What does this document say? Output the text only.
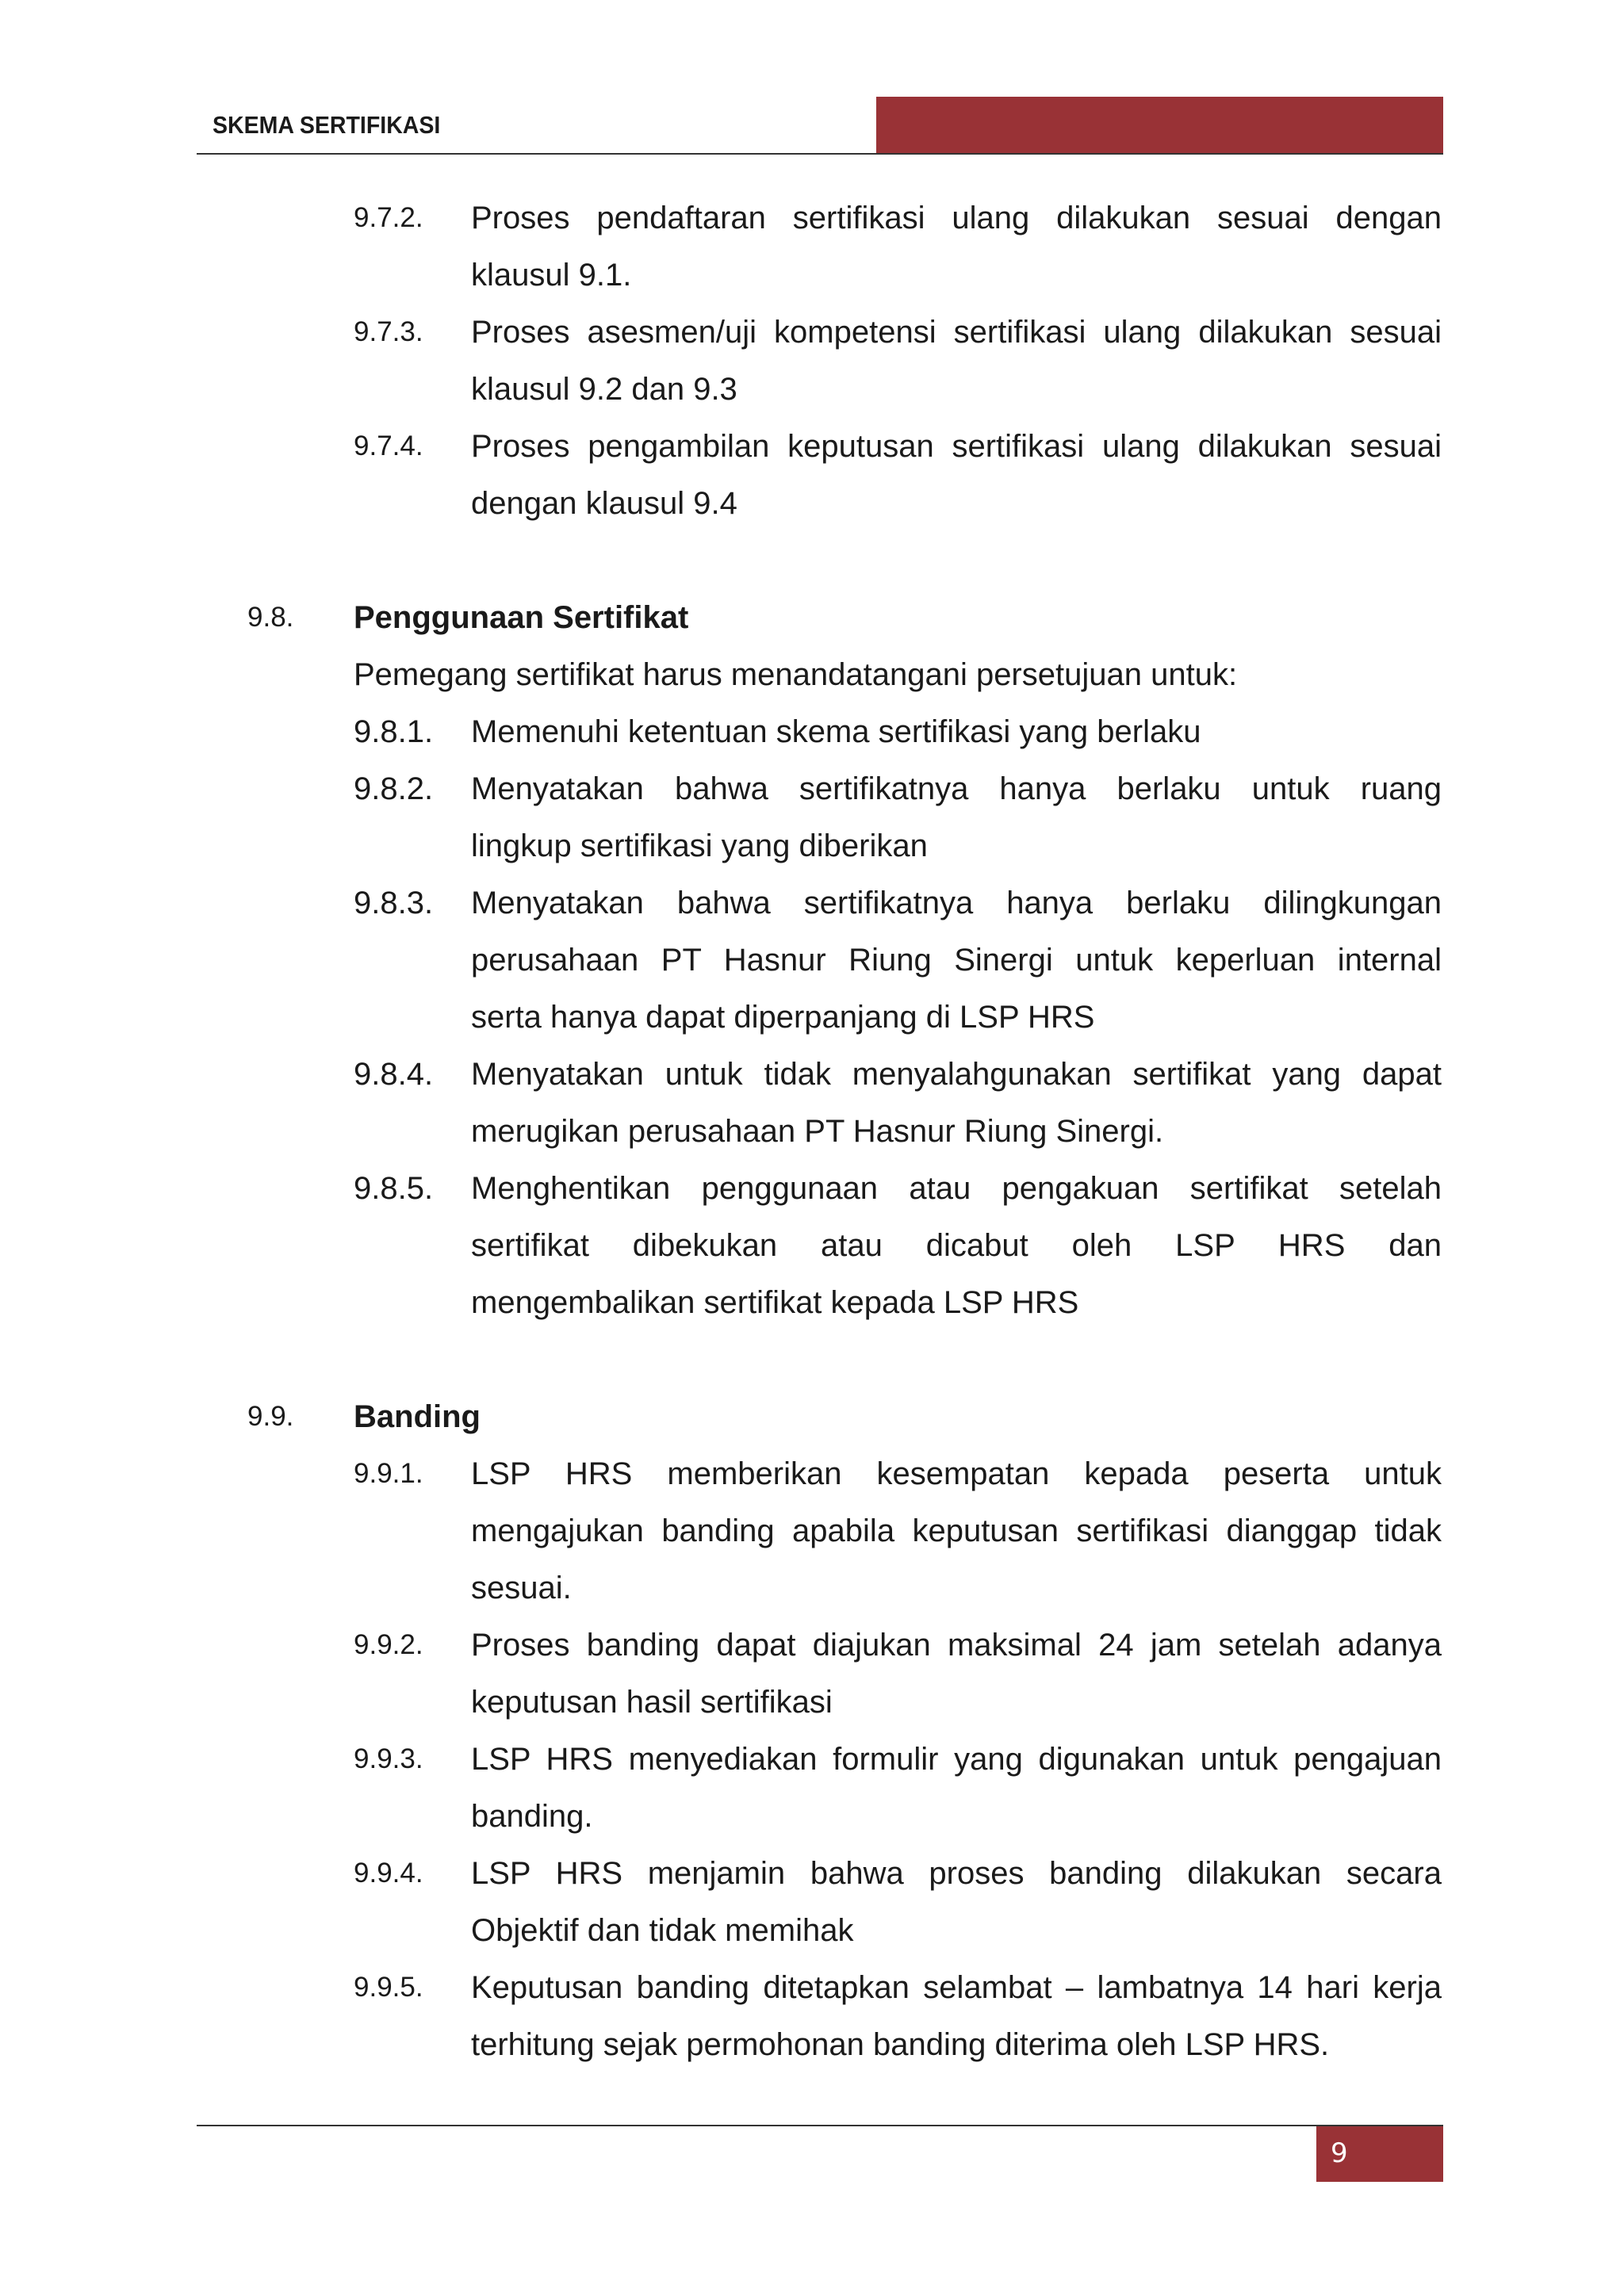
SKEMA SERTIFIKASI
9.7.2. Proses pendaftaran sertifikasi ulang dilakukan sesuai dengan
klausul 9.1.
9.7.3. Proses asesmen/uji kompetensi sertifikasi ulang dilakukan sesuai
klausul 9.2 dan 9.3
9.7.4. Proses pengambilan keputusan sertifikasi ulang dilakukan sesuai
dengan klausul 9.4
9.8. Penggunaan Sertifikat
Pemegang sertifikat harus menandatangani persetujuan untuk:
9.8.1. Memenuhi ketentuan skema sertifikasi yang berlaku
9.8.2. Menyatakan bahwa sertifikatnya hanya berlaku untuk ruang
lingkup sertifikasi yang diberikan
9.8.3. Menyatakan bahwa sertifikatnya hanya berlaku dilingkungan
perusahaan PT Hasnur Riung Sinergi untuk keperluan internal
serta hanya dapat diperpanjang di LSP HRS
9.8.4. Menyatakan untuk tidak menyalahgunakan sertifikat yang dapat
merugikan perusahaan PT Hasnur Riung Sinergi.
9.8.5. Menghentikan penggunaan atau pengakuan sertifikat setelah
sertifikat dibekukan atau dicabut oleh LSP HRS dan
mengembalikan sertifikat kepada LSP HRS
9.9. Banding
9.9.1. LSP HRS memberikan kesempatan kepada peserta untuk
mengajukan banding apabila keputusan sertifikasi dianggap tidak
sesuai.
9.9.2. Proses banding dapat diajukan maksimal 24 jam setelah adanya
keputusan hasil sertifikasi
9.9.3. LSP HRS menyediakan formulir yang digunakan untuk pengajuan
banding.
9.9.4. LSP HRS menjamin bahwa proses banding dilakukan secara
Objektif dan tidak memihak
9.9.5. Keputusan banding ditetapkan selambat – lambatnya 14 hari kerja
terhitung sejak permohonan banding diterima oleh LSP HRS.
9
